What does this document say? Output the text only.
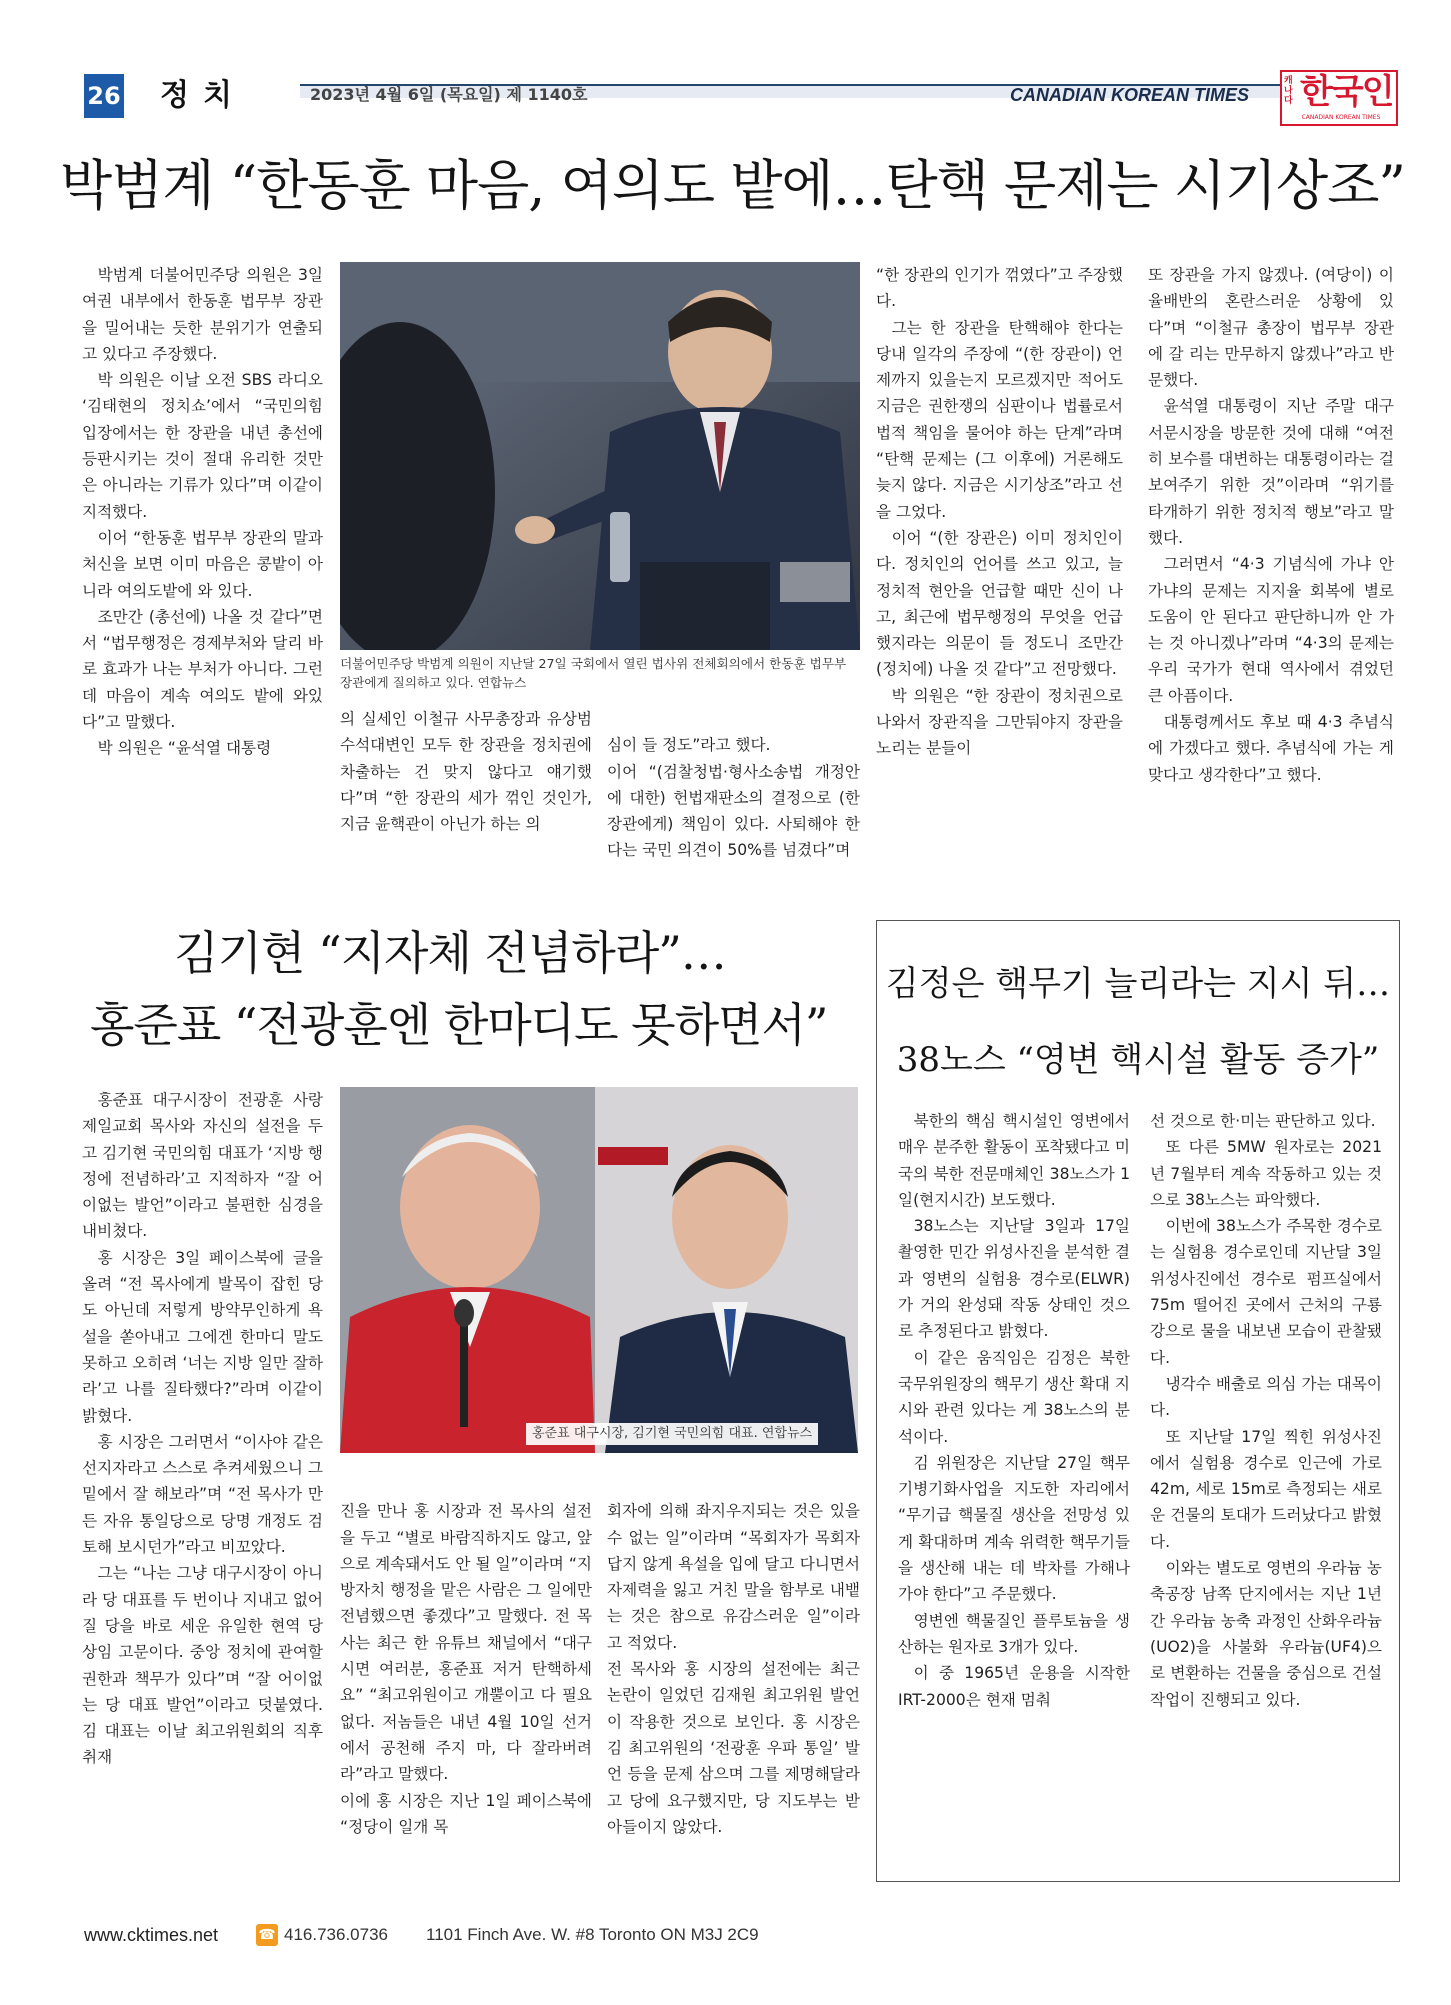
26 정치	2023년 4월 6일 (목요일) 제 1140호	CANADIAN KOREAN TIMES
캐나다 한국인
CANADIAN KOREAN TIMES
박범계 “한동훈 마음, 여의도 밭에…탄핵 문제는 시기상조”

박범계 더불어민주당 의원은 3일 여권 내부에서 한동훈 법무부 장관을 밀어내는 듯한 분위기가 연출되고 있다고 주장했다.

박 의원은 이날 오전 SBS 라디오 ‘김태현의 정치쇼’에서 “국민의힘 입장에서는 한 장관을 내년 총선에 등판시키는 것이 절대 유리한 것만은 아니라는 기류가 있다”며 이같이 지적했다.

이어 “한동훈 법무부 장관의 말과 처신을 보면 이미 마음은 콩밭이 아니라 여의도밭에 와 있다.

조만간 (총선에) 나올 것 같다”면서 “법무행정은 경제부처와 달리 바로 효과가 나는 부처가 아니다. 그런데 마음이 계속 여의도 밭에 와있다”고 말했다.

박 의원은 “윤석열 대통령

더불어민주당 박범계 의원이 지난달 27일 국회에서 열린 법사위 전체회의에서 한동훈 법무부 장관에게 질의하고 있다. 연합뉴스
의 실세인 이철규 사무총장과 유상범 수석대변인 모두 한 장관을 정치권에 차출하는 건 맞지 않다고 얘기했다”며 “한 장관의 세가 꺾인 것인가, 지금 윤핵관이 아닌가 하는 의

심이 들 정도”라고 했다.
이어 “(검찰청법·형사소송법 개정안에 대한) 헌법재판소의 결정으로 (한 장관에게) 책임이 있다. 사퇴해야 한다는 국민 의견이 50%를 넘겼다”며

“한 장관의 인기가 꺾였다”고 주장했다.

그는 한 장관을 탄핵해야 한다는 당내 일각의 주장에 “(한 장관이) 언제까지 있을는지 모르겠지만 적어도 지금은 권한쟁의 심판이나 법률로서 법적 책임을 물어야 하는 단계”라며 “탄핵 문제는 (그 이후에) 거론해도 늦지 않다. 지금은 시기상조”라고 선을 그었다.

이어 “(한 장관은) 이미 정치인이다. 정치인의 언어를 쓰고 있고, 늘 정치적 현안을 언급할 때만 신이 나고, 최근에 법무행정의 무엇을 언급했지라는 의문이 들 정도니 조만간 (정치에) 나올 것 같다”고 전망했다.

박 의원은 “한 장관이 정치권으로 나와서 장관직을 그만둬야지 장관을 노리는 분들이

또 장관을 가지 않겠나. (여당이) 이율배반의 혼란스러운 상황에 있다”며 “이철규 총장이 법무부 장관에 갈 리는 만무하지 않겠나”라고 반문했다.

윤석열 대통령이 지난 주말 대구 서문시장을 방문한 것에 대해 “여전히 보수를 대변하는 대통령이라는 걸 보여주기 위한 것”이라며 “위기를 타개하기 위한 정치적 행보”라고 말했다.

그러면서 “4·3 기념식에 가냐 안 가냐의 문제는 지지율 회복에 별로 도움이 안 된다고 판단하니까 안 가는 것 아니겠나”라며 “4·3의 문제는 우리 국가가 현대 역사에서 겪었던 큰 아픔이다.

대통령께서도 후보 때 4·3 추념식에 가겠다고 했다. 추념식에 가는 게 맞다고 생각한다”고 했다.

김기현 “지자체 전념하라”…
홍준표 “전광훈엔 한마디도 못하면서”

홍준표 대구시장이 전광훈 사랑제일교회 목사와 자신의 설전을 두고 김기현 국민의힘 대표가 ‘지방 행정에 전념하라’고 지적하자 “잘 어이없는 발언”이라고 불편한 심경을 내비쳤다.

홍 시장은 3일 페이스북에 글을 올려 “전 목사에게 발목이 잡힌 당도 아닌데 저렇게 방약무인하게 욕설을 쏟아내고 그에겐 한마디 말도 못하고 오히려 ‘너는 지방 일만 잘하라’고 나를 질타했다?”라며 이같이 밝혔다.

홍 시장은 그러면서 “이사야 같은 선지자라고 스스로 추켜세웠으니 그 밑에서 잘 해보라”며 “전 목사가 만든 자유 통일당으로 당명 개정도 검토해 보시던가”라고 비꼬았다.

그는 “나는 그냥 대구시장이 아니라 당 대표를 두 번이나 지내고 없어질 당을 바로 세운 유일한 현역 당 상임 고문이다. 중앙 정치에 관여할 권한과 책무가 있다”며 “잘 어이없는 당 대표 발언”이라고 덧붙였다. 김 대표는 이날 최고위원회의 직후 취재

홍준표 대구시장, 김기현 국민의힘 대표. 연합뉴스

진을 만나 홍 시장과 전 목사의 설전을 두고 “별로 바람직하지도 않고, 앞으로 계속돼서도 안 될 일”이라며 “지방자치 행정을 맡은 사람은 그 일에만 전념했으면 좋겠다”고 말했다. 전 목사는 최근 한 유튜브 채널에서 “대구시면 여러분, 홍준표 저거 탄핵하세요” “최고위원이고 개뿔이고 다 필요 없다. 저놈들은 내년 4월 10일 선거에서 공천해 주지 마, 다 잘라버려라”라고 말했다.
이에 홍 시장은 지난 1일 페이스북에 “정당이 일개 목

회자에 의해 좌지우지되는 것은 있을 수 없는 일”이라며 “목회자가 목회자답지 않게 욕설을 입에 달고 다니면서 자제력을 잃고 거친 말을 함부로 내뱉는 것은 참으로 유감스러운 일”이라고 적었다.
전 목사와 홍 시장의 설전에는 최근 논란이 일었던 김재원 최고위원 발언이 작용한 것으로 보인다. 홍 시장은 김 최고위원의 ‘전광훈 우파 통일’ 발언 등을 문제 삼으며 그를 제명해달라고 당에 요구했지만, 당 지도부는 받아들이지 않았다.

김정은 핵무기 늘리라는 지시 뒤…
38노스 “영변 핵시설 활동 증가”

북한의 핵심 핵시설인 영변에서 매우 분주한 활동이 포착됐다고 미국의 북한 전문매체인 38노스가 1일(현지시간) 보도했다.

38노스는 지난달 3일과 17일 촬영한 민간 위성사진을 분석한 결과 영변의 실험용 경수로(ELWR)가 거의 완성돼 작동 상태인 것으로 추정된다고 밝혔다.

이 같은 움직임은 김정은 북한 국무위원장의 핵무기 생산 확대 지시와 관련 있다는 게 38노스의 분석이다.

김 위원장은 지난달 27일 핵무기병기화사업을 지도한 자리에서 “무기급 핵물질 생산을 전망성 있게 확대하며 계속 위력한 핵무기들을 생산해 내는 데 박차를 가해나가야 한다”고 주문했다.

영변엔 핵물질인 플루토늄을 생산하는 원자로 3개가 있다.

이 중 1965년 운용을 시작한 IRT-2000은 현재 멈춰

선 것으로 한·미는 판단하고 있다.

또 다른 5MW 원자로는 2021년 7월부터 계속 작동하고 있는 것으로 38노스는 파악했다.

이번에 38노스가 주목한 경수로는 실험용 경수로인데 지난달 3일 위성사진에선 경수로 펌프실에서 75m 떨어진 곳에서 근처의 구룡강으로 물을 내보낸 모습이 관찰됐다.

냉각수 배출로 의심 가는 대목이다.

또 지난달 17일 찍힌 위성사진에서 실험용 경수로 인근에 가로 42m, 세로 15m로 측정되는 새로운 건물의 토대가 드러났다고 밝혔다.

이와는 별도로 영변의 우라늄 농축공장 남쪽 단지에서는 지난 1년간 우라늄 농축 과정인 산화우라늄(UO2)을 사불화 우라늄(UF4)으로 변환하는 건물을 중심으로 건설작업이 진행되고 있다.

www.cktimes.net	☎ 416.736.0736 1101 Finch Ave. W. #8 Toronto ON M3J 2C9
